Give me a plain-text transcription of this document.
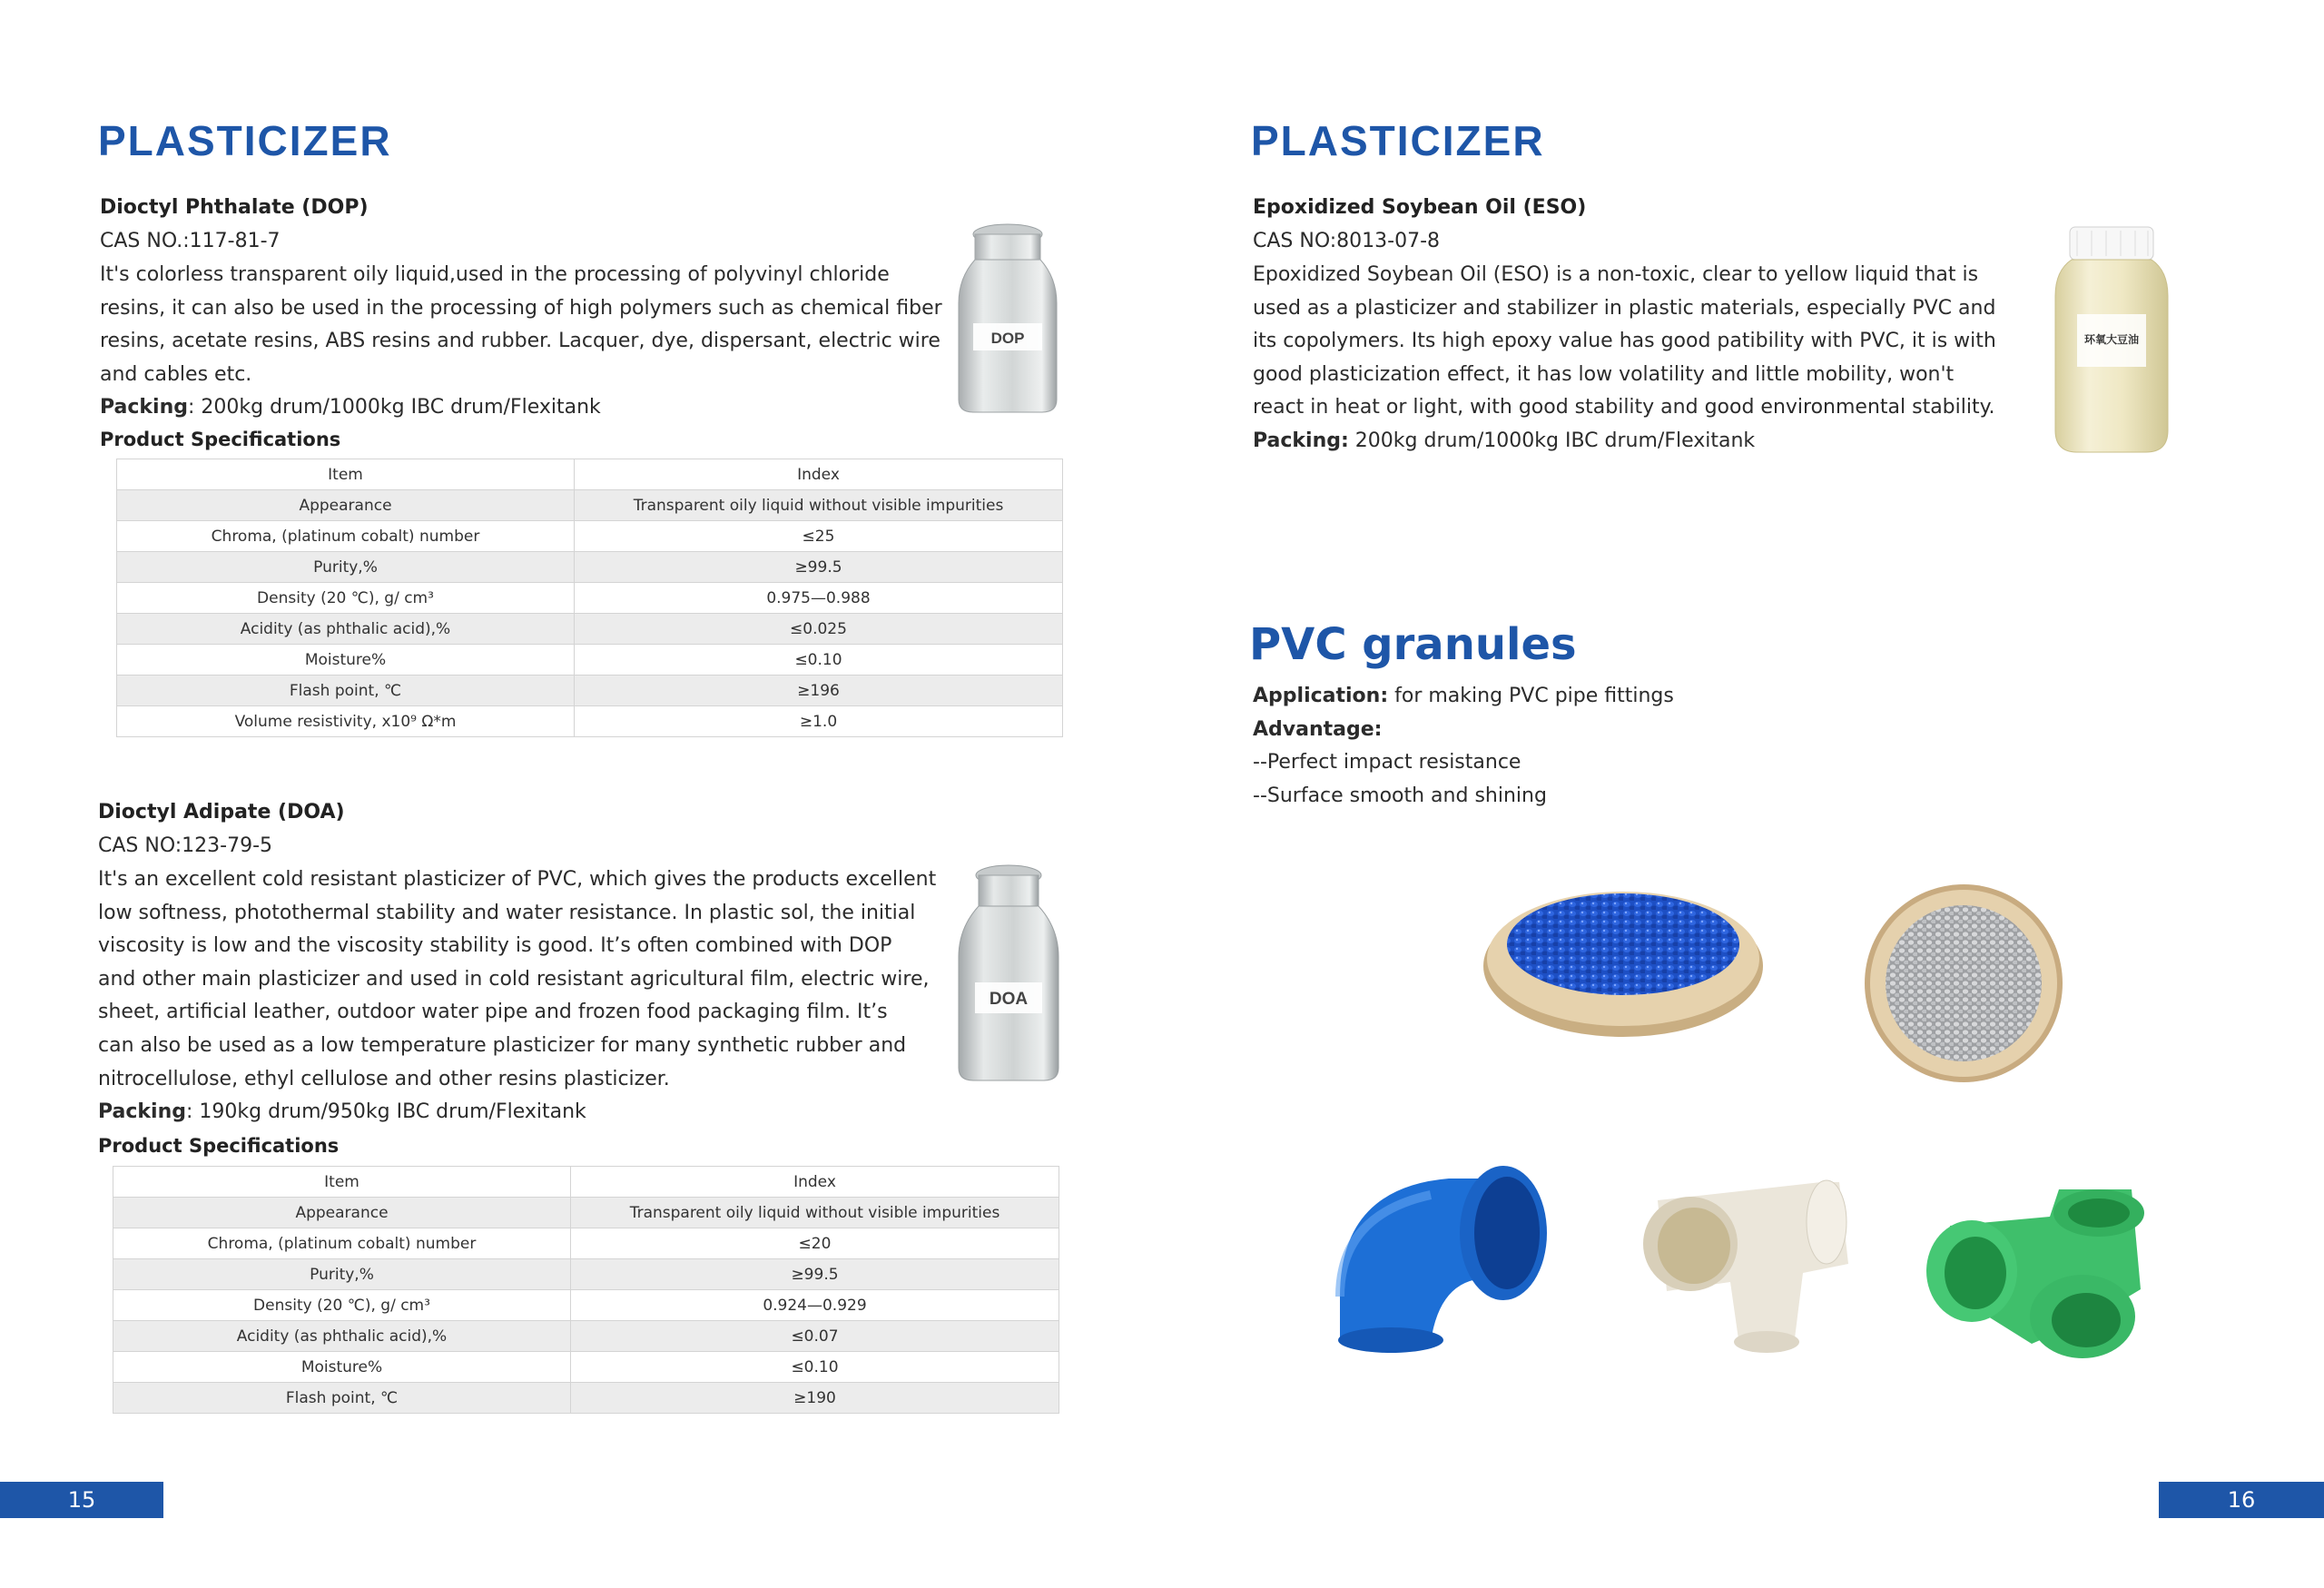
PLASTICIZER
Dioctyl Phthalate (DOP)
CAS NO.:117-81-7
It's colorless transparent oily liquid,used in the processing of polyvinyl chloride
resins, it can also be used in the processing of high polymers such as chemical fiber
resins, acetate resins, ABS resins and rubber. Lacquer, dye, dispersant, electric wire
and cables etc.
Packing: 200kg drum/1000kg IBC drum/Flexitank
Product Specifications
DOP
Item	Index
Appearance	Transparent oily liquid without visible impurities
Chroma, (platinum cobalt) number	≤25
Purity,%	≥99.5
Density (20 ℃), g/ cm³	0.975—0.988
Acidity (as phthalic acid),%	≤0.025
Moisture%	≤0.10
Flash point, ℃	≥196
Volume resistivity, x10⁹ Ω*m	≥1.0
Dioctyl Adipate (DOA)
CAS NO:123-79-5
It's an excellent cold resistant plasticizer of PVC, which gives the products excellent
low softness, photothermal stability and water resistance. In plastic sol, the initial
viscosity is low and the viscosity stability is good. It’s often combined with DOP
and other main plasticizer and used in cold resistant agricultural film, electric wire,
sheet, artificial leather, outdoor water pipe and frozen food packaging film. It’s
can also be used as a low temperature plasticizer for many synthetic rubber and
nitrocellulose, ethyl cellulose and other resins plasticizer.
Packing: 190kg drum/950kg IBC drum/Flexitank
Product Specifications
DOA
Item	Index
Appearance	Transparent oily liquid without visible impurities
Chroma, (platinum cobalt) number	≤20
Purity,%	≥99.5
Density (20 ℃), g/ cm³	0.924—0.929
Acidity (as phthalic acid),%	≤0.07
Moisture%	≤0.10
Flash point, ℃	≥190
15
PLASTICIZER
Epoxidized Soybean Oil (ESO)
CAS NO:8013-07-8
Epoxidized Soybean Oil (ESO) is a non-toxic, clear to yellow liquid that is
used as a plasticizer and stabilizer in plastic materials, especially PVC and
its copolymers. Its high epoxy value has good patibility with PVC, it is with
good plasticization effect, it has low volatility and little mobility, won't
react in heat or light, with good stability and good environmental stability.
Packing: 200kg drum/1000kg IBC drum/Flexitank
环氧大豆油
PVC granules
Application: for making PVC pipe fittings
Advantage:
--Perfect impact resistance
--Surface smooth and shining
16
